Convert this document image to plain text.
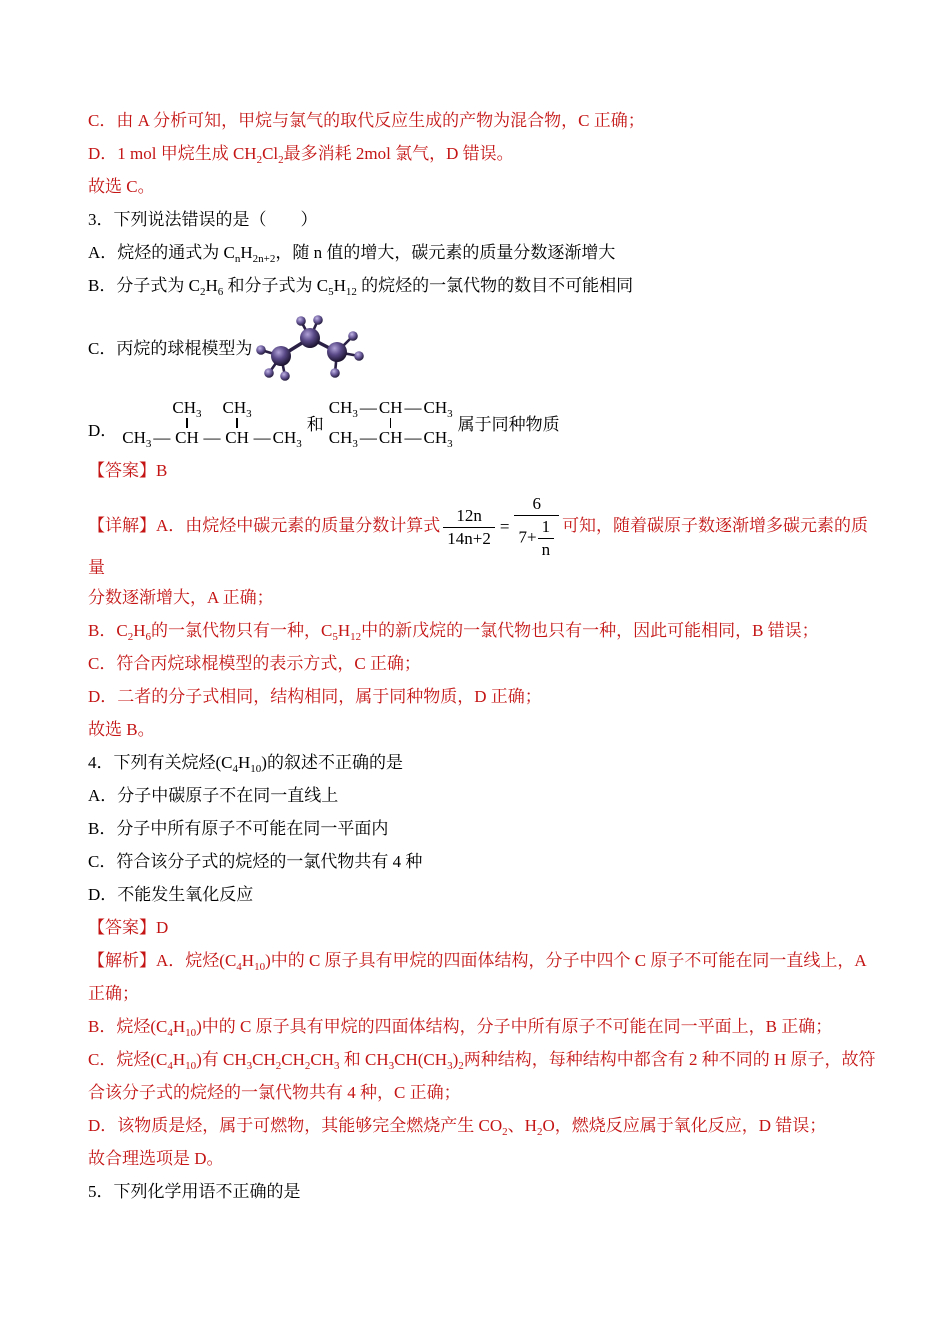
C．由 A 分析可知，甲烷与氯气的取代反应生成的产物为混合物，C 正确；

D．1 mol 甲烷生成 $CH_2Cl_2$最多消耗 2mol 氯气，D 错误。

故选 C。

3．下列说法错误的是（　　）

A．烷烃的通式为 $C_nH_{2n+2}$，随 n 值的增大，碳元素的质量分数逐渐增大

B．分子式为 $C_2H_6$ 和分子式为 $C_5H_{12}$ 的烷烃的一氯代物的数目不可能相同

C．丙烷的球棍模型为

D．
		$CH_3$		$CH_3$		

$CH_3$	—	CH	—	CH	—	$CH_3$
和
$CH_3$	—	CH	—	$CH_3$

$CH_3$	—	CH	—	$CH_3$
属于同种物质

【答案】B

【详解】A．由烷烃中碳元素的质量分数计算式 $\frac{12n}{14n+2} = \frac{6}{7+ \frac{1}{n}}$ 可知，随着碳原子数逐渐增多碳元素的质量

分数逐渐增大，A 正确；

B．$C_2H_6$的一氯代物只有一种，$C_5H_{12}$中的新戊烷的一氯代物也只有一种，因此可能相同，B 错误；

C．符合丙烷球棍模型的表示方式，C 正确；

D．二者的分子式相同，结构相同，属于同种物质，D 正确；

故选 B。

4．下列有关烷烃$(C_4H_{10})$的叙述不正确的是

A．分子中碳原子不在同一直线上

B．分子中所有原子不可能在同一平面内

C．符合该分子式的烷烃的一氯代物共有 4 种

D．不能发生氧化反应

【答案】D

【解析】A．烷烃$(C_4H_{10})$中的 C 原子具有甲烷的四面体结构，分子中四个 C 原子不可能在同一直线上，A

正确；

B．烷烃$(C_4H_{10})$中的 C 原子具有甲烷的四面体结构，分子中所有原子不可能在同一平面上，B 正确；

C．烷烃$(C_4H_{10})$有 $CH_3CH_2CH_2CH_3$ 和 $CH_3CH(CH_3)_2$两种结构，每种结构中都含有 2 种不同的 H 原子，故符

合该分子式的烷烃的一氯代物共有 4 种，C 正确；

D．该物质是烃，属于可燃物，其能够完全燃烧产生 $CO_2$、$H_2O$，燃烧反应属于氧化反应，D 错误；

故合理选项是 D。

5．下列化学用语不正确的是
